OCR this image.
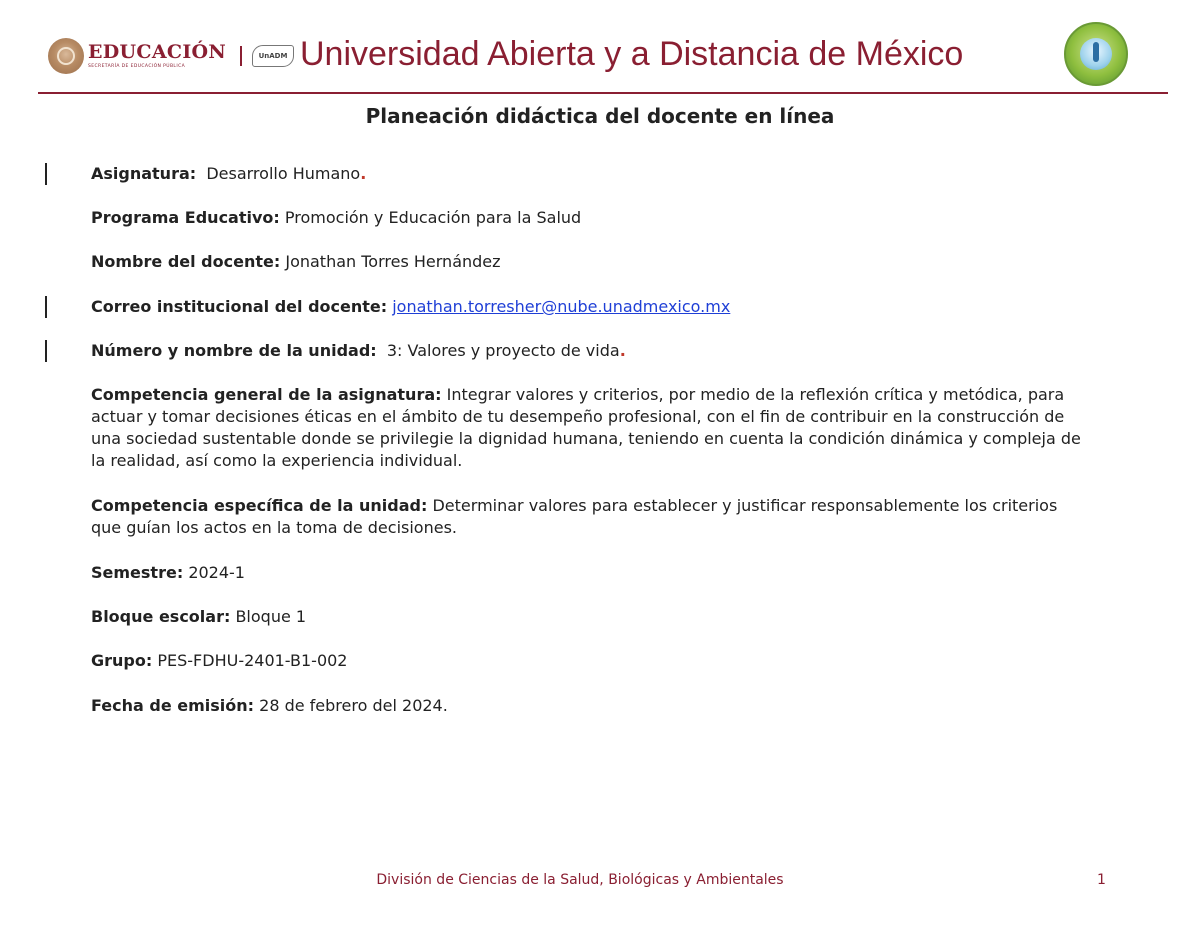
EDUCACIÓN
SECRETARÍA DE EDUCACIÓN PÚBLICA
UnADM Universidad Abierta y a Distancia de México
Planeación didáctica del docente en línea
Asignatura: Desarrollo Humano.
Programa Educativo: Promoción y Educación para la Salud
Nombre del docente: Jonathan Torres Hernández
Correo institucional del docente: jonathan.torresher@nube.unadmexico.mx
Número y nombre de la unidad: 3: Valores y proyecto de vida.
Competencia general de la asignatura: Integrar valores y criterios, por medio de la reflexión crítica y metódica, para actuar y tomar decisiones éticas en el ámbito de tu desempeño profesional, con el fin de contribuir en la construcción de una sociedad sustentable donde se privilegie la dignidad humana, teniendo en cuenta la condición dinámica y compleja de la realidad, así como la experiencia individual.
Competencia específica de la unidad: Determinar valores para establecer y justificar responsablemente los criterios que guían los actos en la toma de decisiones.
Semestre: 2024-1
Bloque escolar: Bloque 1
Grupo: PES-FDHU-2401-B1-002
Fecha de emisión: 28 de febrero del 2024.
División de Ciencias de la Salud, Biológicas y Ambientales	1
